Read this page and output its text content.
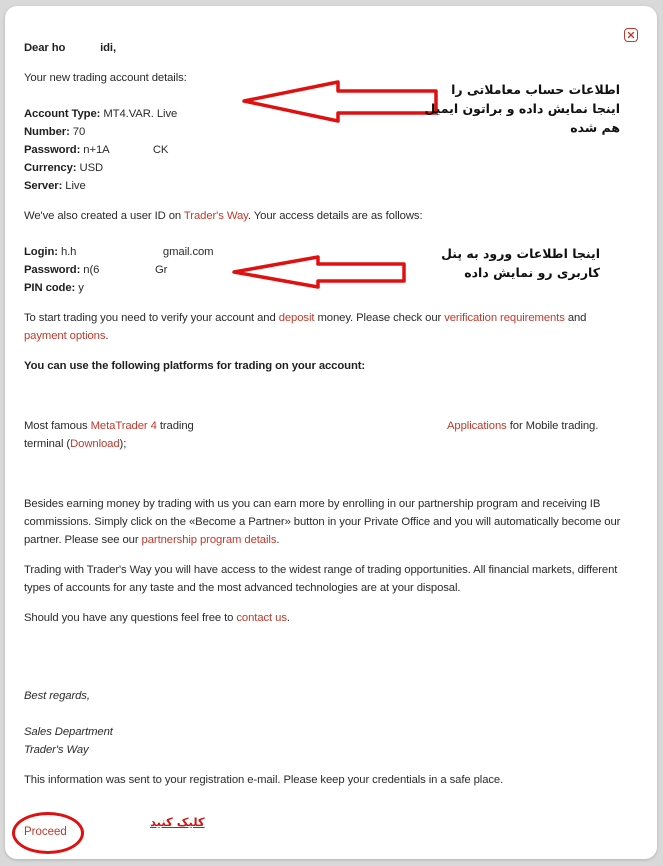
Dear ho	idi,
Your new trading account details:
Account Type: MT4.VAR. Live
Number: 70
Password: n+1A	CK
Currency: USD
Server: Live
We've also created a user ID on Trader's Way. Your access details are as follows:
Login: h.h	gmail.com
Password: n(6	Gr
PIN code: y
To start trading you need to verify your account and deposit money. Please check our verification requirements and
payment options.
You can use the following platforms for trading on your account:
Most famous MetaTrader 4 trading
terminal (Download);
Applications for Mobile trading.
Besides earning money by trading with us you can earn more by enrolling in our partnership program and receiving IB
commissions. Simply click on the «Become a Partner» button in your Private Office and you will automatically become our
partner. Please see our partnership program details.
Trading with Trader's Way you will have access to the widest range of trading opportunities. All financial markets, different
types of accounts for any taste and the most advanced technologies are at your disposal.
Should you have any questions feel free to contact us.
Best regards,
Sales Department
Trader's Way
This information was sent to your registration e-mail. Please keep your credentials in a safe place.
Proceed
کلیک کنید
اطلاعات حساب معاملاتی را
اینجا نمایش داده و براتون ایمیل
هم شده
اینجا اطلاعات ورود به پنل
کاربری رو نمایش داده
